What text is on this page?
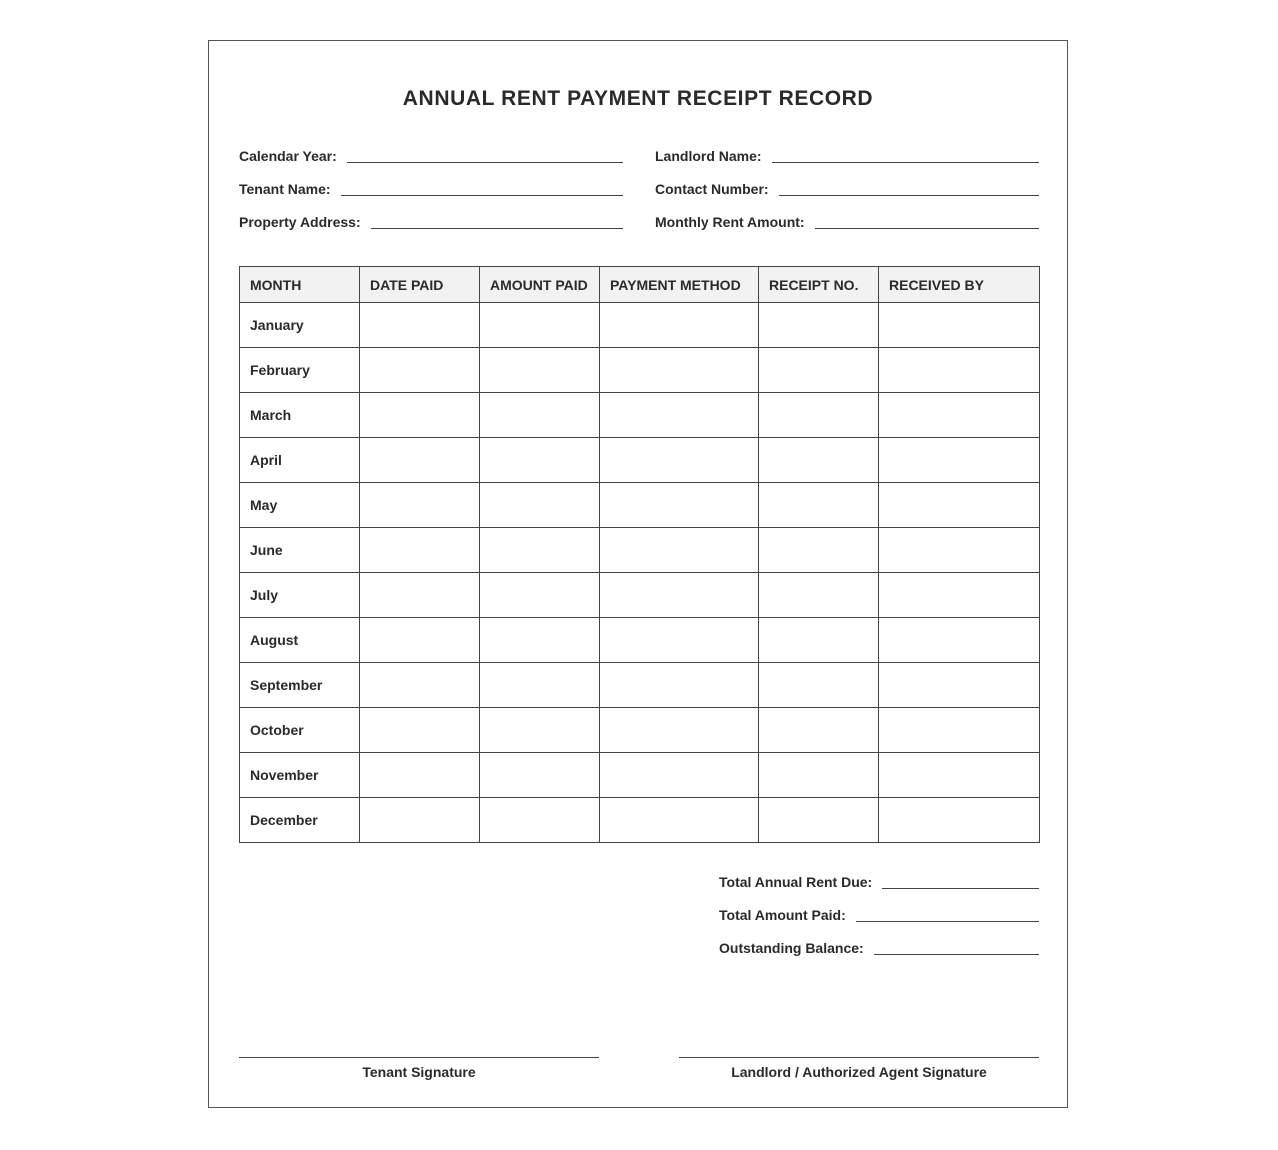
ANNUAL RENT PAYMENT RECEIPT RECORD
Calendar Year:
Tenant Name:
Property Address:
Landlord Name:
Contact Number:
Monthly Rent Amount:
MONTH	DATE PAID	AMOUNT PAID	PAYMENT METHOD	RECEIPT NO.	RECEIVED BY
January					
February					
March					
April					
May					
June					
July					
August					
September					
October					
November					
December					
Total Annual Rent Due:
Total Amount Paid:
Outstanding Balance:
Tenant Signature	Landlord / Authorized Agent Signature
